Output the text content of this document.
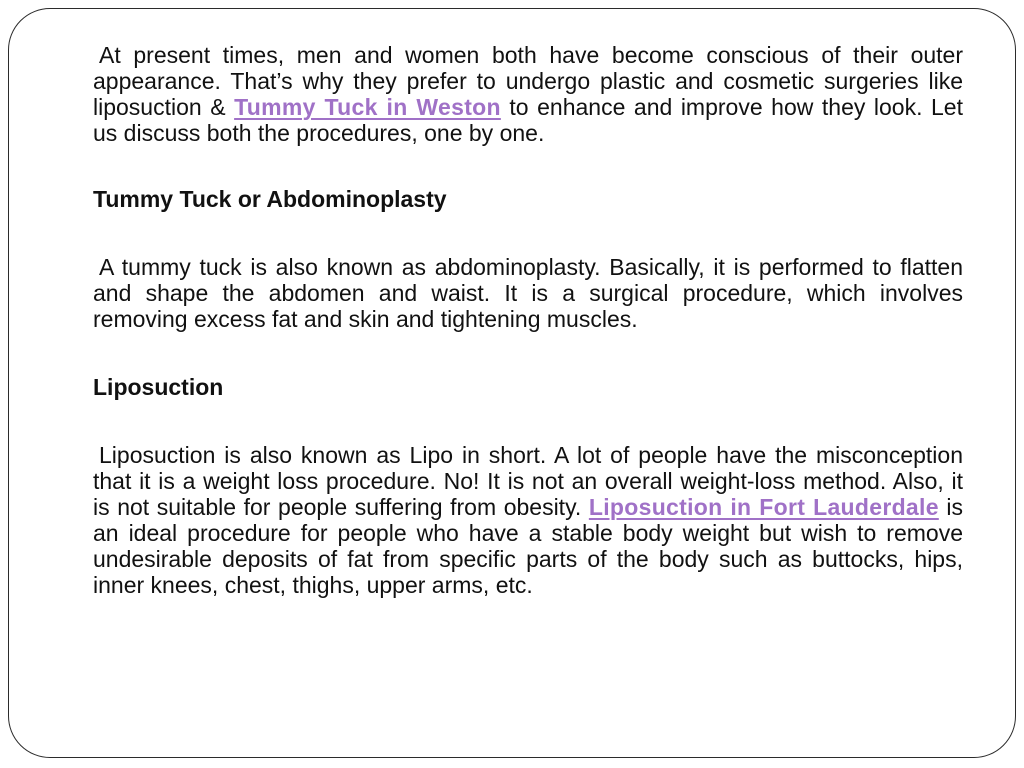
At present times, men and women both have become conscious of their outer appearance. That’s why they prefer to undergo plastic and cosmetic surgeries like liposuction & Tummy Tuck in Weston to enhance and improve how they look. Let us discuss both the procedures, one by one.

Tummy Tuck or Abdominoplasty

A tummy tuck is also known as abdominoplasty. Basically, it is performed to flatten and shape the abdomen and waist. It is a surgical procedure, which involves removing excess fat and skin and tightening muscles.

Liposuction

Liposuction is also known as Lipo in short. A lot of people have the misconception that it is a weight loss procedure. No! It is not an overall weight-loss method. Also, it is not suitable for people suffering from obesity. Liposuction in Fort Lauderdale is an ideal procedure for people who have a stable body weight but wish to remove undesirable deposits of fat from specific parts of the body such as buttocks, hips, inner knees, chest, thighs, upper arms, etc.
